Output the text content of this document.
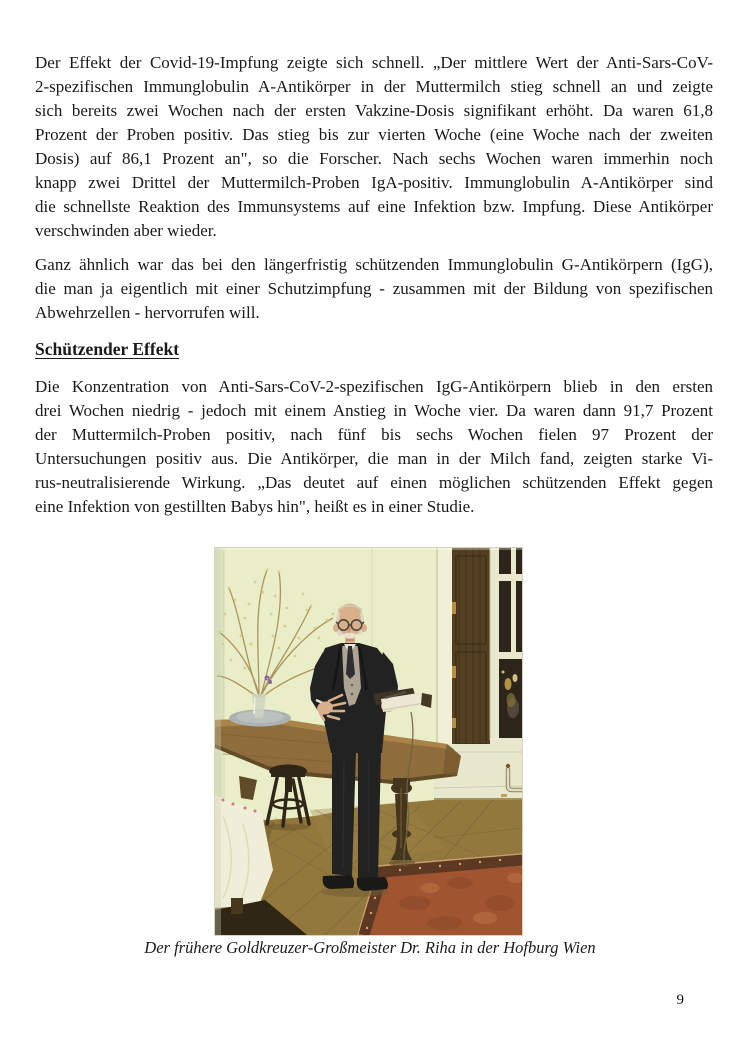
Der Effekt der Covid-19-Impfung zeigte sich schnell. „Der mittlere Wert der Anti-Sars-CoV-
2-spezifischen Immunglobulin A-Antikörper in der Muttermilch stieg schnell an und zeigte
sich bereits zwei Wochen nach der ersten Vakzine-Dosis signifikant erhöht. Da waren 61,8
Prozent der Proben positiv. Das stieg bis zur vierten Woche (eine Woche nach der zweiten
Dosis) auf 86,1 Prozent an", so die Forscher. Nach sechs Wochen waren immerhin noch
knapp zwei Drittel der Muttermilch-Proben IgA-positiv. Immunglobulin A-Antikörper sind
die schnellste Reaktion des Immunsystems auf eine Infektion bzw. Impfung. Diese Antikörper
verschwinden aber wieder.
Ganz ähnlich war das bei den längerfristig schützenden Immunglobulin G-Antikörpern (IgG),
die man ja eigentlich mit einer Schutzimpfung - zusammen mit der Bildung von spezifischen
Abwehrzellen - hervorrufen will.
Schützender Effekt
Die Konzentration von Anti-Sars-CoV-2-spezifischen IgG-Antikörpern blieb in den ersten
drei Wochen niedrig - jedoch mit einem Anstieg in Woche vier. Da waren dann 91,7 Prozent
der Muttermilch-Proben positiv, nach fünf bis sechs Wochen fielen 97 Prozent der
Untersuchungen positiv aus. Die Antikörper, die man in der Milch fand, zeigten starke Vi-
rus-neutralisierende Wirkung. „Das deutet auf einen möglichen schützenden Effekt gegen
eine Infektion von gestillten Babys hin", heißt es in einer Studie.
Der frühere Goldkreuzer-Großmeister Dr. Riha in der Hofburg Wien
9
